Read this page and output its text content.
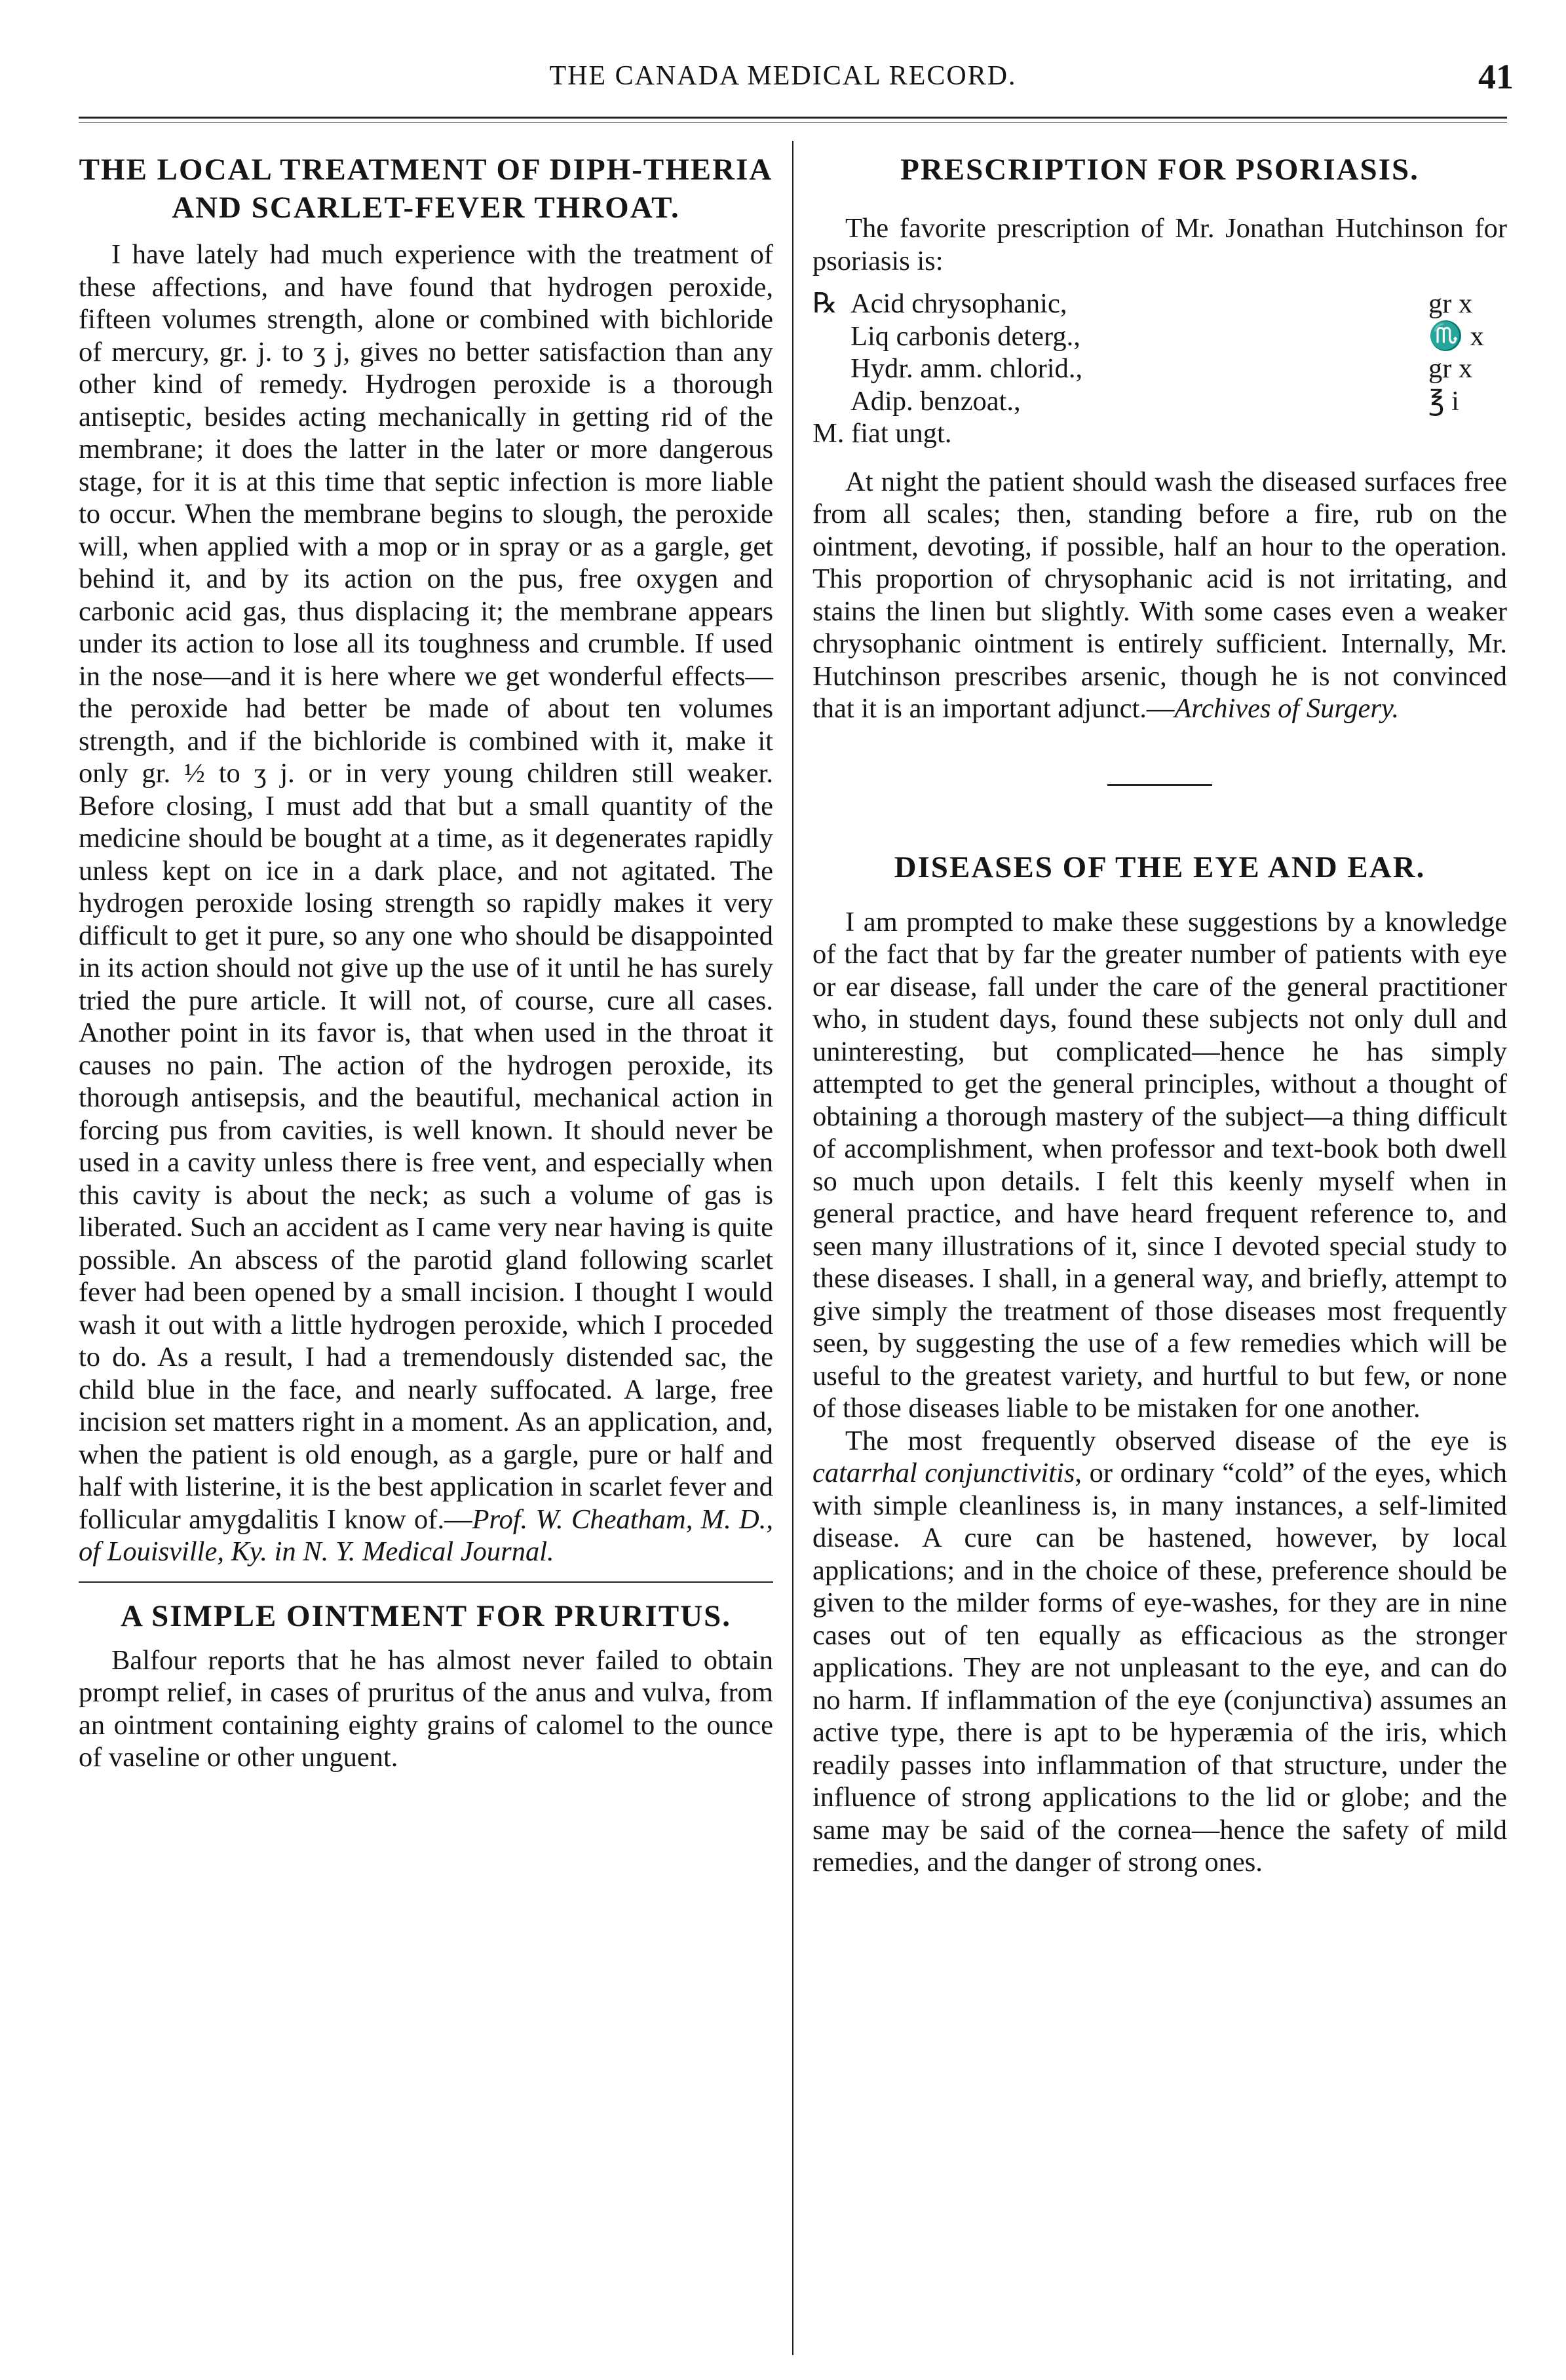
THE CANADA MEDICAL RECORD.	41
THE LOCAL TREATMENT OF DIPH-THERIA AND SCARLET-FEVER THROAT.

I have lately had much experience with the treatment of these affections, and have found that hydrogen peroxide, fifteen volumes strength, alone or combined with bichloride of mercury, gr. j. to ʒ j, gives no better satisfaction than any other kind of remedy. Hydrogen peroxide is a thorough antiseptic, besides acting mechanically in getting rid of the membrane; it does the latter in the later or more dangerous stage, for it is at this time that septic infection is more liable to occur. When the membrane begins to slough, the peroxide will, when applied with a mop or in spray or as a gargle, get behind it, and by its action on the pus, free oxygen and carbonic acid gas, thus displacing it; the membrane appears under its action to lose all its toughness and crumble. If used in the nose—and it is here where we get wonderful effects—the peroxide had better be made of about ten volumes strength, and if the bichloride is combined with it, make it only gr. ½ to ʒ j. or in very young children still weaker. Before closing, I must add that but a small quantity of the medicine should be bought at a time, as it degenerates rapidly unless kept on ice in a dark place, and not agitated. The hydrogen peroxide losing strength so rapidly makes it very difficult to get it pure, so any one who should be disappointed in its action should not give up the use of it until he has surely tried the pure article. It will not, of course, cure all cases. Another point in its favor is, that when used in the throat it causes no pain. The action of the hydrogen peroxide, its thorough antisepsis, and the beautiful, mechanical action in forcing pus from cavities, is well known. It should never be used in a cavity unless there is free vent, and especially when this cavity is about the neck; as such a volume of gas is liberated. Such an accident as I came very near having is quite possible. An abscess of the parotid gland following scarlet fever had been opened by a small incision. I thought I would wash it out with a little hydrogen peroxide, which I proceded to do. As a result, I had a tremendously distended sac, the child blue in the face, and nearly suffocated. A large, free incision set matters right in a moment. As an application, and, when the patient is old enough, as a gargle, pure or half and half with listerine, it is the best application in scarlet fever and follicular amygdalitis I know of.—Prof. W. Cheatham, M. D., of Louisville, Ky. in N. Y. Medical Journal.

A SIMPLE OINTMENT FOR PRURITUS.

Balfour reports that he has almost never failed to obtain prompt relief, in cases of pruritus of the anus and vulva, from an ointment containing eighty grains of calomel to the ounce of vaseline or other unguent.

PRESCRIPTION FOR PSORIASIS.

The favorite prescription of Mr. Jonathan Hutchinson for psoriasis is:

℞ Acid chrysophanic,	gr x
Liq carbonis deterg.,	♏ x
Hydr. amm. chlorid.,	gr x
Adip. benzoat.,	℥ i
M. fiat ungt.

At night the patient should wash the diseased surfaces free from all scales; then, standing before a fire, rub on the ointment, devoting, if possible, half an hour to the operation. This proportion of chrysophanic acid is not irritating, and stains the linen but slightly. With some cases even a weaker chrysophanic ointment is entirely sufficient. Internally, Mr. Hutchinson prescribes arsenic, though he is not convinced that it is an important adjunct.—Archives of Surgery.

DISEASES OF THE EYE AND EAR.

I am prompted to make these suggestions by a knowledge of the fact that by far the greater number of patients with eye or ear disease, fall under the care of the general practitioner who, in student days, found these subjects not only dull and uninteresting, but complicated—hence he has simply attempted to get the general principles, without a thought of obtaining a thorough mastery of the subject—a thing difficult of accomplishment, when professor and text-book both dwell so much upon details. I felt this keenly myself when in general practice, and have heard frequent reference to, and seen many illustrations of it, since I devoted special study to these diseases. I shall, in a general way, and briefly, attempt to give simply the treatment of those diseases most frequently seen, by suggesting the use of a few remedies which will be useful to the greatest variety, and hurtful to but few, or none of those diseases liable to be mistaken for one another.

The most frequently observed disease of the eye is catarrhal conjunctivitis, or ordinary “cold” of the eyes, which with simple cleanliness is, in many instances, a self-limited disease. A cure can be hastened, however, by local applications; and in the choice of these, preference should be given to the milder forms of eye-washes, for they are in nine cases out of ten equally as efficacious as the stronger applications. They are not unpleasant to the eye, and can do no harm. If inflammation of the eye (conjunctiva) assumes an active type, there is apt to be hyperæmia of the iris, which readily passes into inflammation of that structure, under the influence of strong applications to the lid or globe; and the same may be said of the cornea—hence the safety of mild remedies, and the danger of strong ones.
